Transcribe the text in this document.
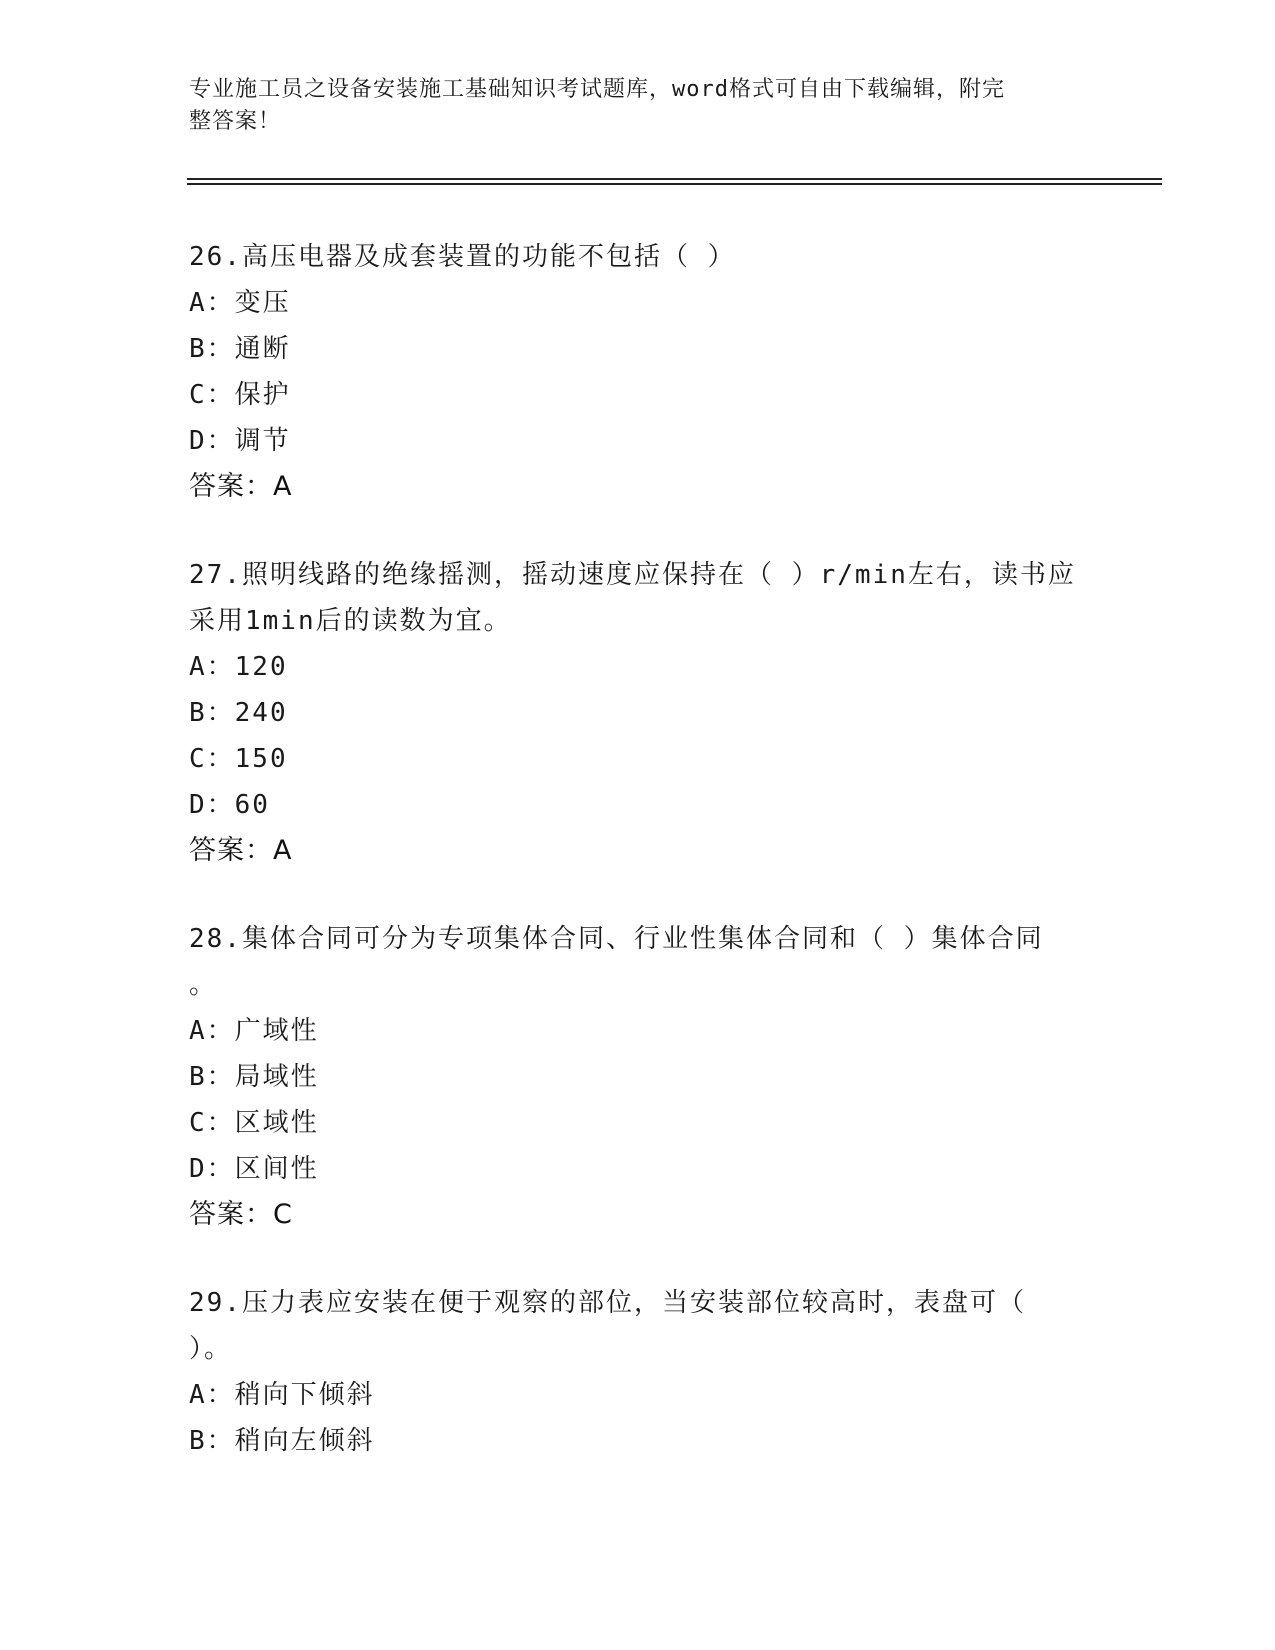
专业施工员之设备安装施工基础知识考试题库，word格式可自由下载编辑，附完
整答案！

26.高压电器及成套装置的功能不包括（ ）

A：变压

B：通断

C：保护

D：调节

答案：A

27.照明线路的绝缘摇测，摇动速度应保持在（ ）r/min左右，读书应

采用1min后的读数为宜。

A：120

B：240

C：150

D：60

答案：A

28.集体合同可分为专项集体合同、行业性集体合同和（ ）集体合同

。

A：广域性

B：局域性

C：区域性

D：区间性

答案：C

29.压力表应安装在便于观察的部位，当安装部位较高时，表盘可（

）。

A：稍向下倾斜

B：稍向左倾斜
